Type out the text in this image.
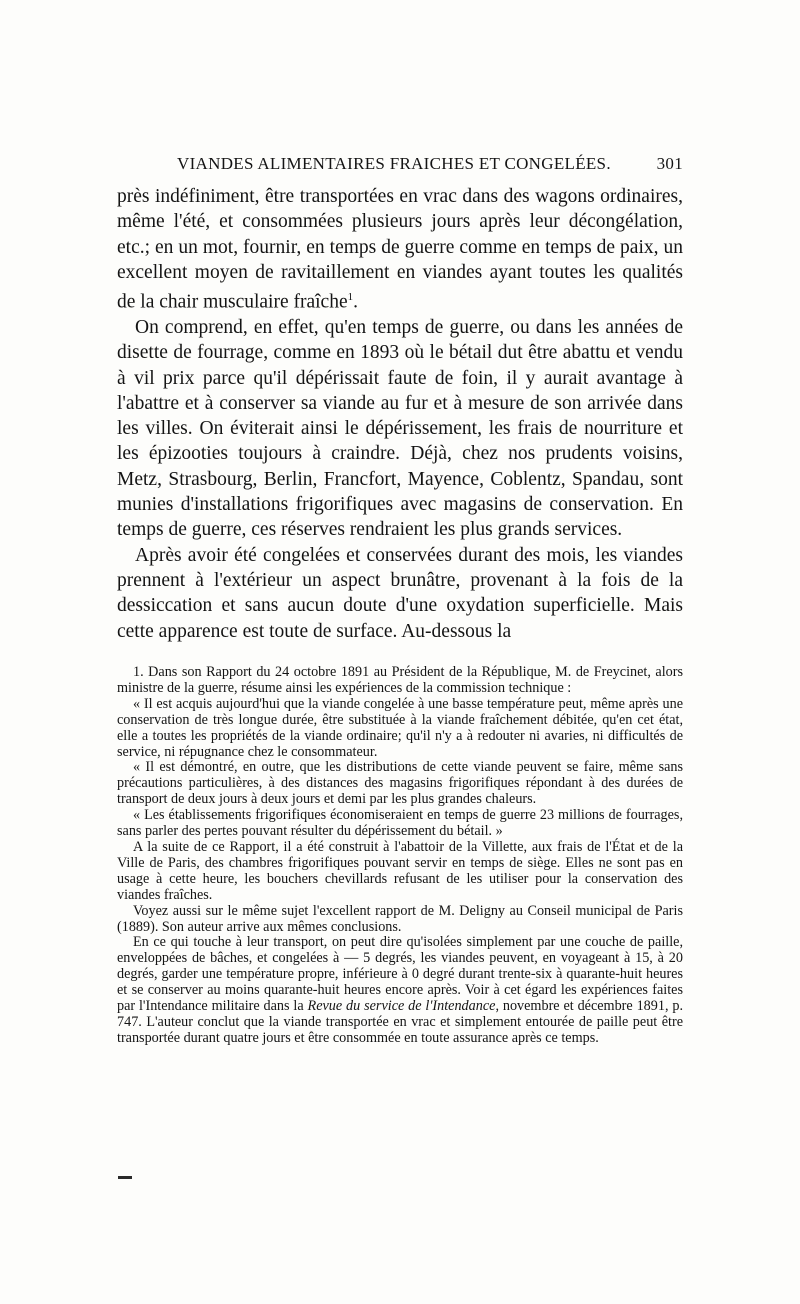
VIANDES ALIMENTAIRES FRAICHES ET CONGELÉES.	301

près indéfiniment, être transportées en vrac dans des wagons ordinaires, même l'été, et consommées plusieurs jours après leur décongélation, etc.; en un mot, fournir, en temps de guerre comme en temps de paix, un excellent moyen de ravitaillement en viandes ayant toutes les qualités de la chair musculaire fraîche$^1$.

On comprend, en effet, qu'en temps de guerre, ou dans les années de disette de fourrage, comme en 1893 où le bétail dut être abattu et vendu à vil prix parce qu'il dépérissait faute de foin, il y aurait avantage à l'abattre et à conserver sa viande au fur et à mesure de son arrivée dans les villes. On éviterait ainsi le dépérissement, les frais de nourriture et les épizooties toujours à craindre. Déjà, chez nos prudents voisins, Metz, Strasbourg, Berlin, Francfort, Mayence, Coblentz, Spandau, sont munies d'installations frigorifiques avec magasins de conservation. En temps de guerre, ces réserves rendraient les plus grands services.

Après avoir été congelées et conservées durant des mois, les viandes prennent à l'extérieur un aspect brunâtre, provenant à la fois de la dessiccation et sans aucun doute d'une oxydation superficielle. Mais cette apparence est toute de surface. Au-dessous la

1. Dans son Rapport du 24 octobre 1891 au Président de la République, M. de Freycinet, alors ministre de la guerre, résume ainsi les expériences de la commission technique :

« Il est acquis aujourd'hui que la viande congelée à une basse température peut, même après une conservation de très longue durée, être substituée à la viande fraîchement débitée, qu'en cet état, elle a toutes les propriétés de la viande ordinaire; qu'il n'y a à redouter ni avaries, ni difficultés de service, ni répugnance chez le consommateur.

« Il est démontré, en outre, que les distributions de cette viande peuvent se faire, même sans précautions particulières, à des distances des magasins frigorifiques répondant à des durées de transport de deux jours à deux jours et demi par les plus grandes chaleurs.

« Les établissements frigorifiques économiseraient en temps de guerre 23 millions de fourrages, sans parler des pertes pouvant résulter du dépérissement du bétail. »

A la suite de ce Rapport, il a été construit à l'abattoir de la Villette, aux frais de l'État et de la Ville de Paris, des chambres frigorifiques pouvant servir en temps de siège. Elles ne sont pas en usage à cette heure, les bouchers chevillards refusant de les utiliser pour la conservation des viandes fraîches.

Voyez aussi sur le même sujet l'excellent rapport de M. Deligny au Conseil municipal de Paris (1889). Son auteur arrive aux mêmes conclusions.

En ce qui touche à leur transport, on peut dire qu'isolées simplement par une couche de paille, enveloppées de bâches, et congelées à — 5 degrés, les viandes peuvent, en voyageant à 15, à 20 degrés, garder une température propre, inférieure à 0 degré durant trente-six à quarante-huit heures et se conserver au moins quarante-huit heures encore après. Voir à cet égard les expériences faites par l'Intendance militaire dans la Revue du service de l'Intendance, novembre et décembre 1891, p. 747. L'auteur conclut que la viande transportée en vrac et simplement entourée de paille peut être transportée durant quatre jours et être consommée en toute assurance après ce temps.
